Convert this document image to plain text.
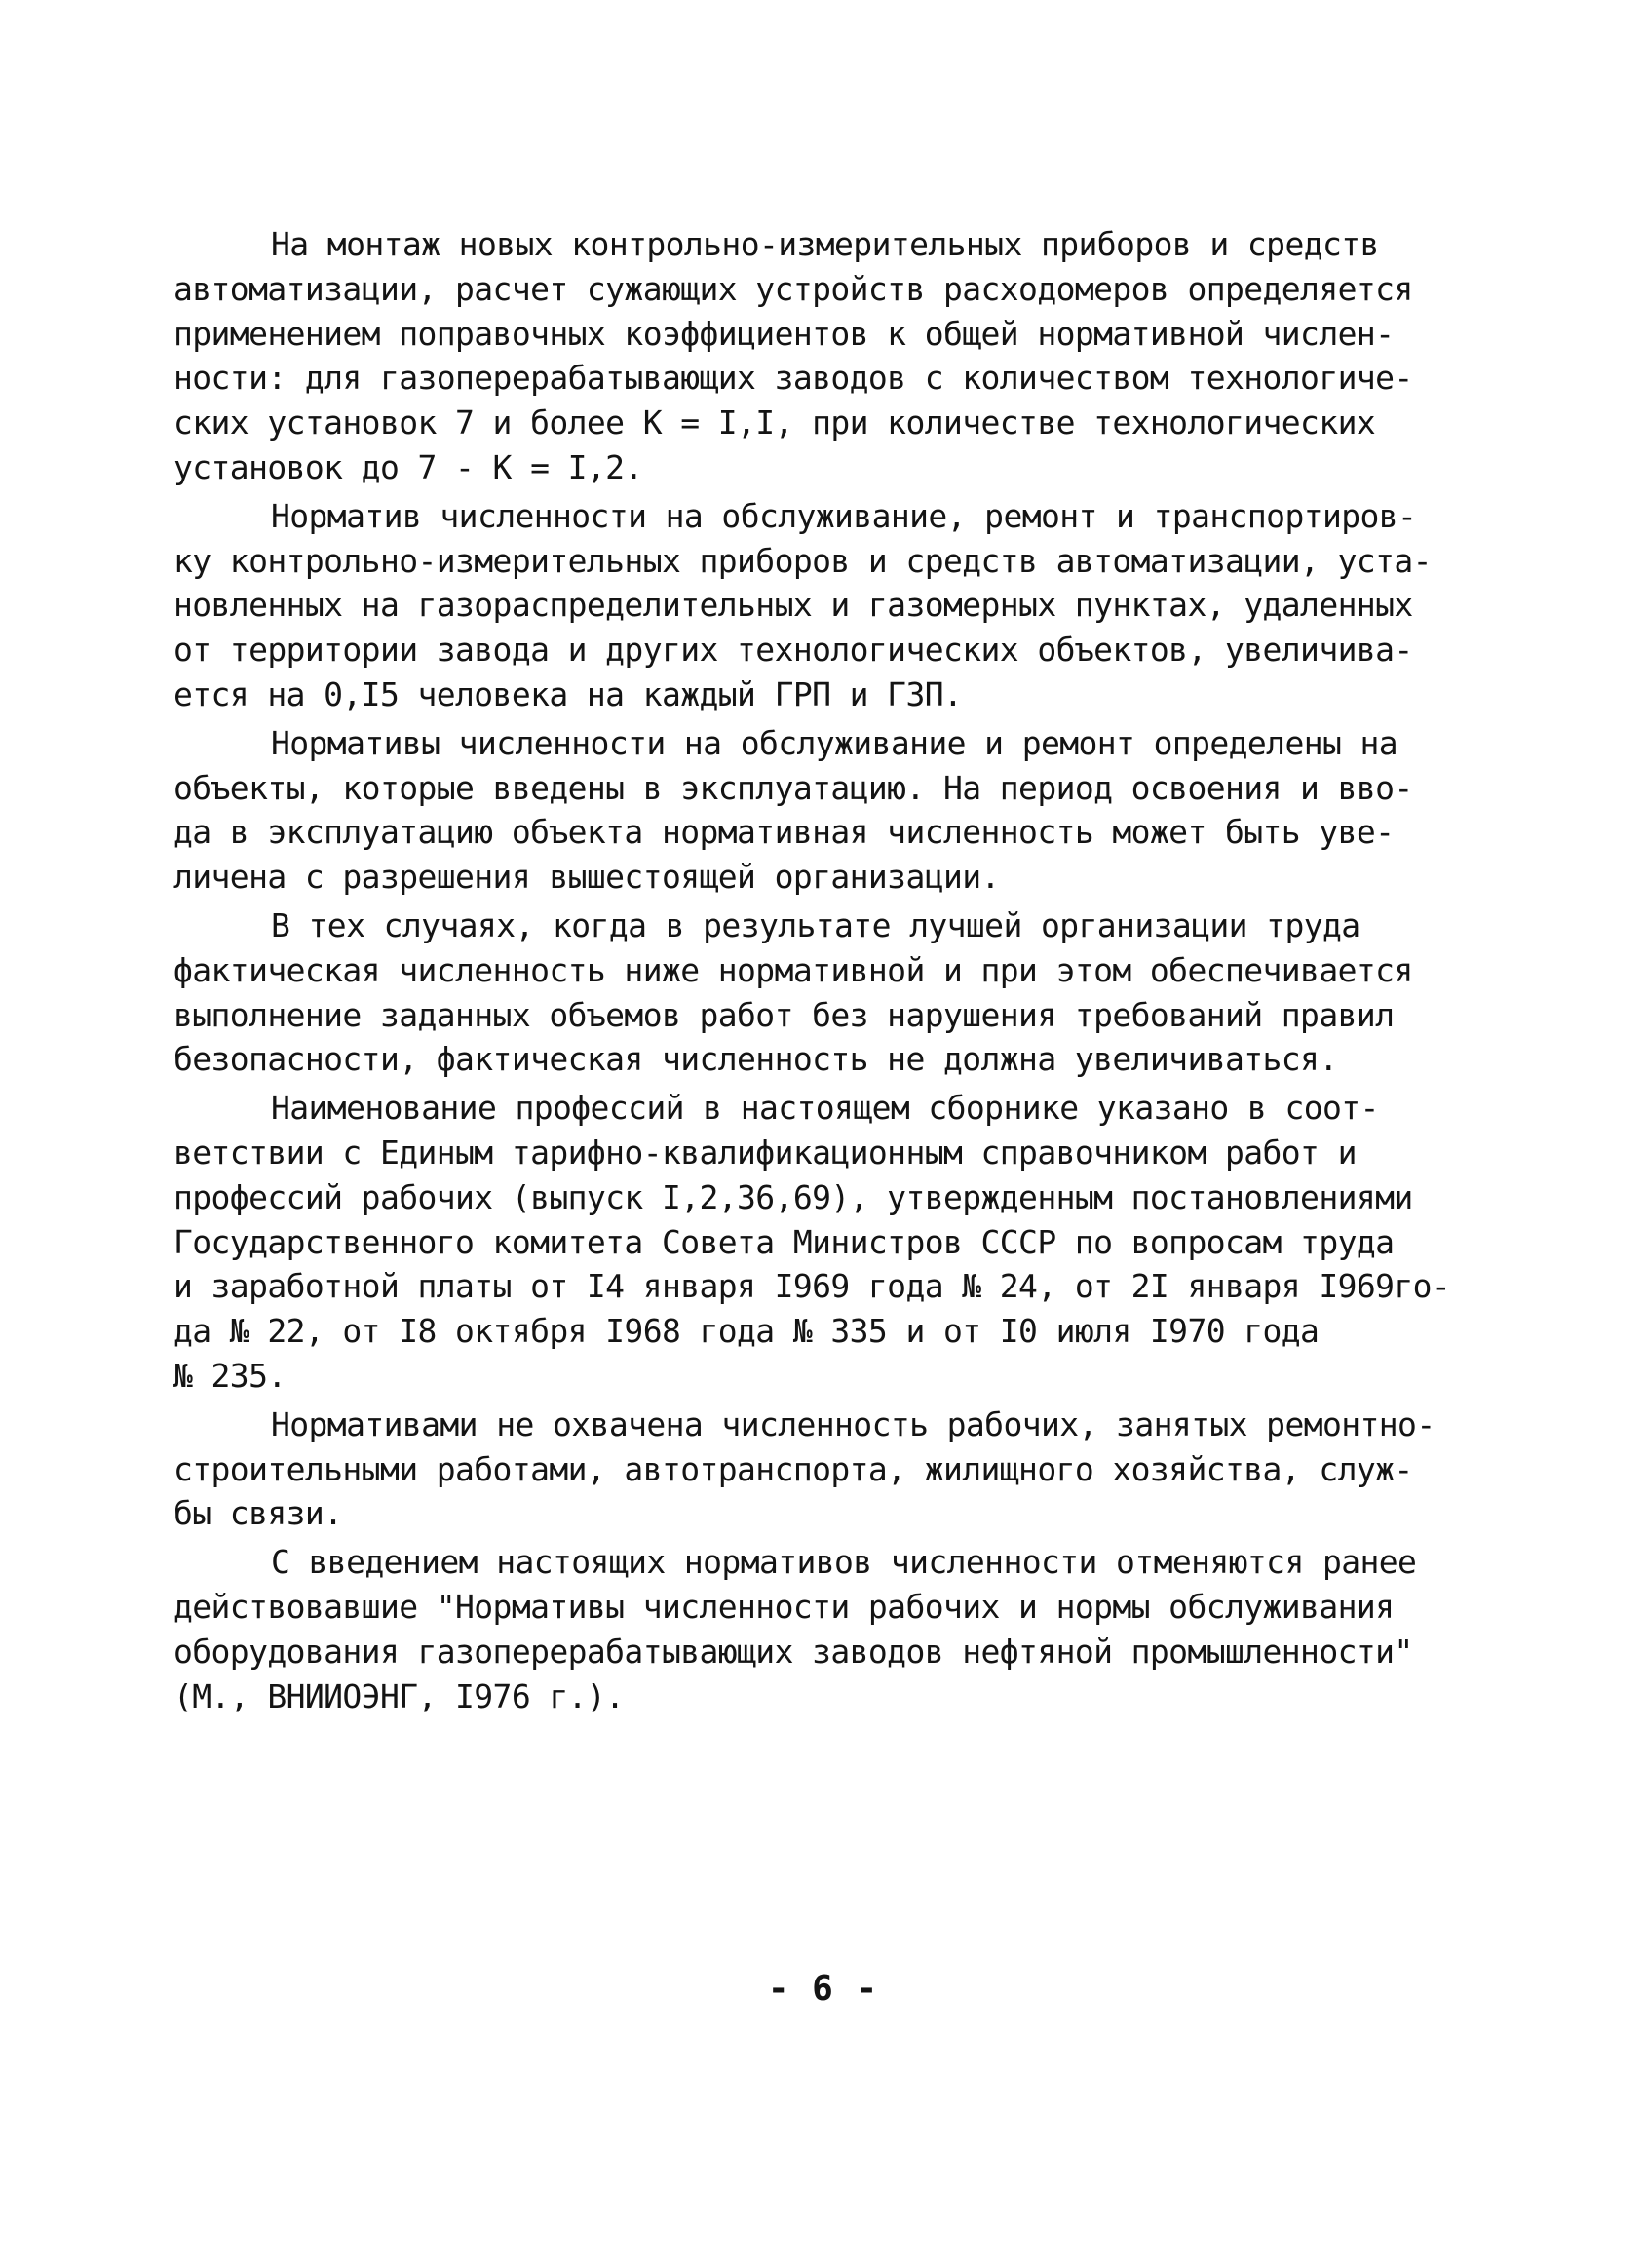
На монтаж новых контрольно-измерительных приборов и средств
автоматизации, расчет сужающих устройств расходомеров определяется
применением поправочных коэффициентов к общей нормативной числен-
ности: для газоперерабатывающих заводов с количеством технологиче-
ских установок 7 и более К = I,I, при количестве технологических
установок до 7 - К = I,2.
Норматив численности на обслуживание, ремонт и транспортиров-
ку контрольно-измерительных приборов и средств автоматизации, уста-
новленных на газораспределительных и газомерных пунктах, удаленных
от территории завода и других технологических объектов, увеличива-
ется на 0,I5 человека на каждый ГРП и ГЗП.
Нормативы численности на обслуживание и ремонт определены на
объекты, которые введены в эксплуатацию. На период освоения и вво-
да в эксплуатацию объекта нормативная численность может быть уве-
личена с разрешения вышестоящей организации.
В тех случаях, когда в результате лучшей организации труда
фактическая численность ниже нормативной и при этом обеспечивается
выполнение заданных объемов работ без нарушения требований правил
безопасности, фактическая численность не должна увеличиваться.
Наименование профессий в настоящем сборнике указано в соот-
ветствии с Единым тарифно-квалификационным справочником работ и
профессий рабочих (выпуск I,2,36,69), утвержденным постановлениями
Государственного комитета Совета Министров СССР по вопросам труда
и заработной платы от I4 января I969 года № 24, от 2I января I969го-
да № 22, от I8 октября I968 года № 335 и от I0 июля I970 года
№ 235.
Нормативами не охвачена численность рабочих, занятых ремонтно-
строительными работами, автотранспорта, жилищного хозяйства, служ-
бы связи.
С введением настоящих нормативов численности отменяются ранее
действовавшие "Нормативы численности рабочих и нормы обслуживания
оборудования газоперерабатывающих заводов нефтяной промышленности"
(М., ВНИИОЭНГ, I976 г.).
- 6 -
